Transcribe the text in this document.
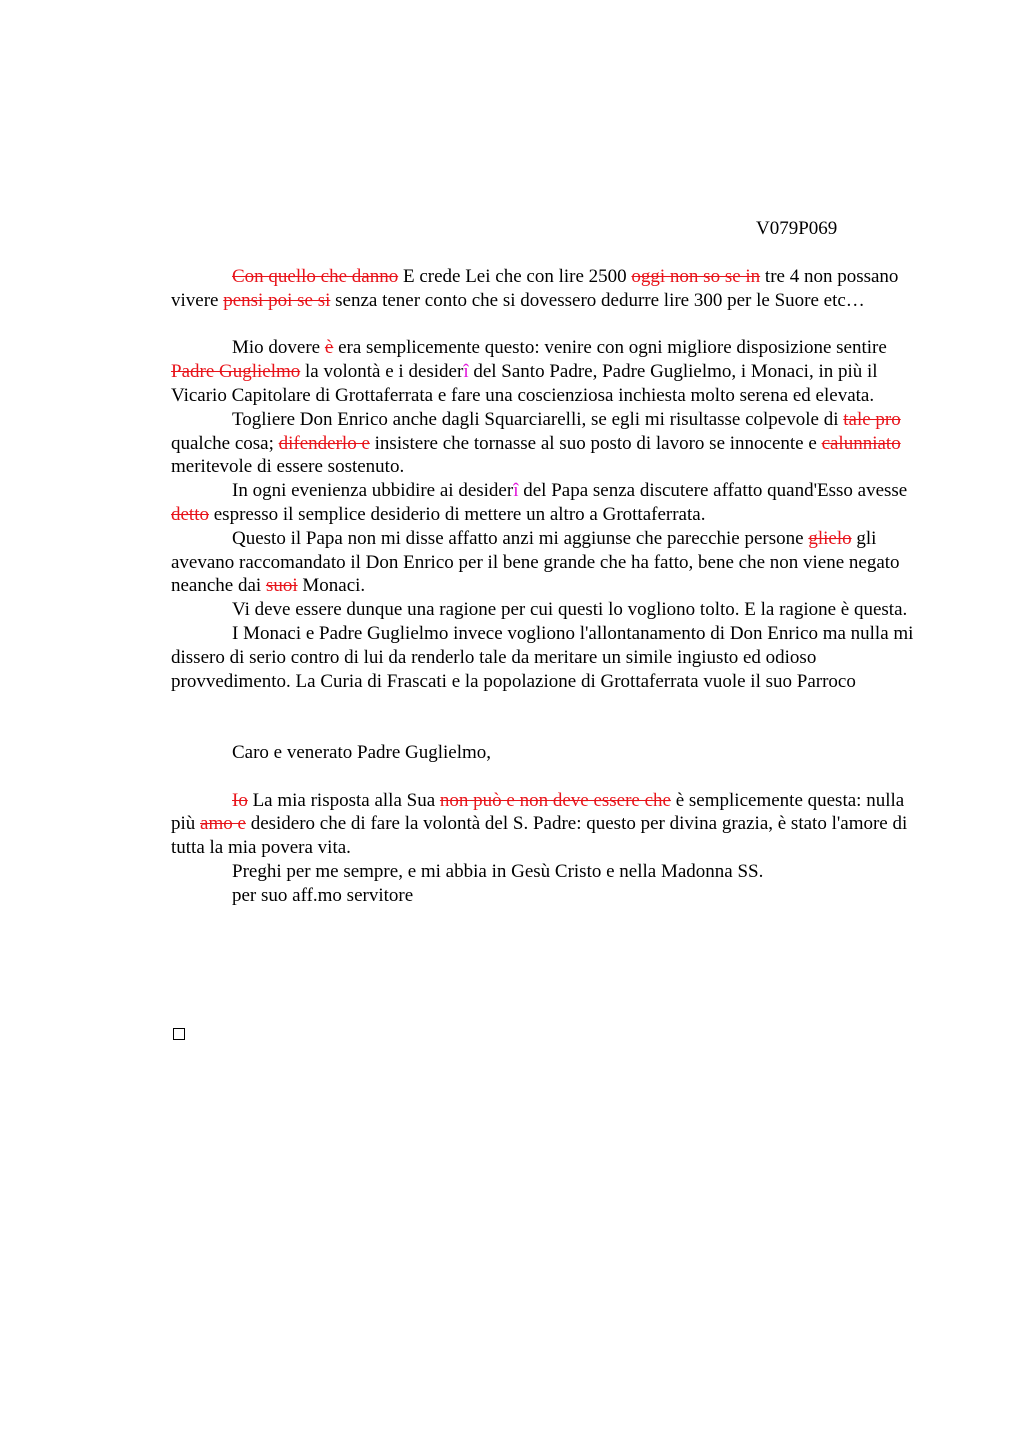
V079P069

Con quello che danno E crede Lei che con lire 2500 oggi non so se in tre 4 non possano vivere pensi poi se si senza tener conto che si dovessero dedurre lire 300 per le Suore etc…

Mio dovere è era semplicemente questo: venire con ogni migliore disposizione sentire Padre Guglielmo la volontà e i desiderî del Santo Padre, Padre Guglielmo, i Monaci, in più il Vicario Capitolare di Grottaferrata e fare una coscienziosa inchiesta molto serena ed elevata.

Togliere Don Enrico anche dagli Squarciarelli, se egli mi risultasse colpevole di tale pro qualche cosa; difenderlo e insistere che tornasse al suo posto di lavoro se innocente e calunniato meritevole di essere sostenuto.

In ogni evenienza ubbidire ai desiderî del Papa senza discutere affatto quand'Esso avesse detto espresso il semplice desiderio di mettere un altro a Grottaferrata.

Questo il Papa non mi disse affatto anzi mi aggiunse che parecchie persone glielo gli avevano raccomandato il Don Enrico per il bene grande che ha fatto, bene che non viene negato neanche dai suoi Monaci.

Vi deve essere dunque una ragione per cui questi lo vogliono tolto. E la ragione è questa.

I Monaci e Padre Guglielmo invece vogliono l'allontanamento di Don Enrico ma nulla mi dissero di serio contro di lui da renderlo tale da meritare un simile ingiusto ed odioso provvedimento. La Curia di Frascati e la popolazione di Grottaferrata vuole il suo Parroco

Caro e venerato Padre Guglielmo,

Io La mia risposta alla Sua non può e non deve essere che è semplicemente questa: nulla più amo e desidero che di fare la volontà del S. Padre: questo per divina grazia, è stato l'amore di tutta la mia povera vita.

Preghi per me sempre, e mi abbia in Gesù Cristo e nella Madonna SS.

per suo aff.mo servitore
